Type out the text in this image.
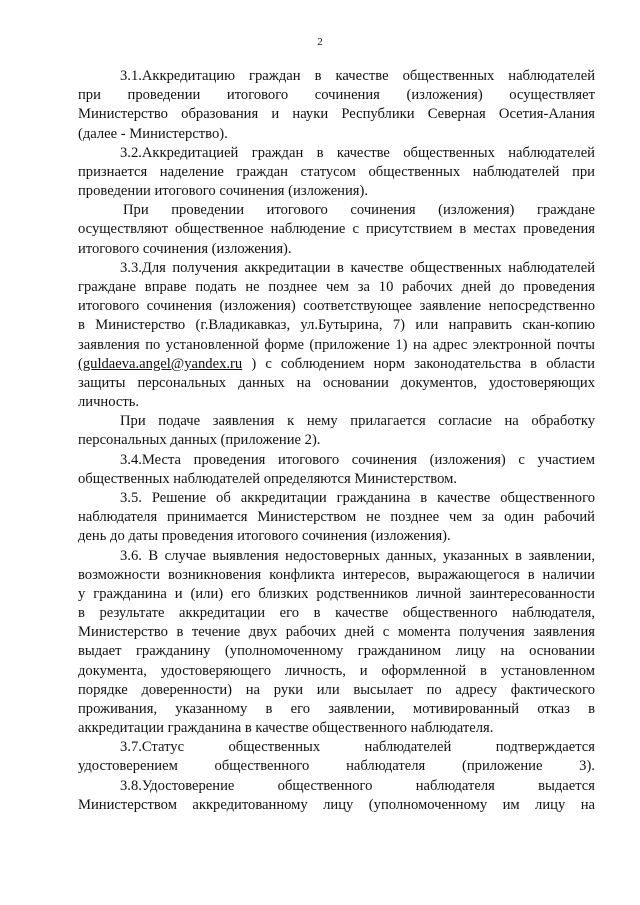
2
3.1.Аккредитацию граждан в качестве общественных наблюдателей
при проведении итогового сочинения (изложения) осуществляет
Министерство образования и науки Республики Северная Осетия-Алания
(далее - Министерство).
3.2.Аккредитацией граждан в качестве общественных наблюдателей
признается наделение граждан статусом общественных наблюдателей при
проведении итогового сочинения (изложения).
При проведении итогового сочинения (изложения) граждане
осуществляют общественное наблюдение с присутствием в местах проведения
итогового сочинения (изложения).
3.3.Для получения аккредитации в качестве общественных наблюдателей
граждане вправе подать не позднее чем за 10 рабочих дней до проведения
итогового сочинения (изложения) соответствующее заявление непосредственно
в Министерство (г.Владикавказ, ул.Бутырина, 7) или направить скан-копию
заявления по установленной форме (приложение 1) на адрес электронной почты
(guldaeva.angel@yandex.ru ) с соблюдением норм законодательства в области
защиты персональных данных на основании документов, удостоверяющих
личность.
При подаче заявления к нему прилагается согласие на обработку
персональных данных (приложение 2).
3.4.Места проведения итогового сочинения (изложения) с участием
общественных наблюдателей определяются Министерством.
3.5. Решение об аккредитации гражданина в качестве общественного
наблюдателя принимается Министерством не позднее чем за один рабочий
день до даты проведения итогового сочинения (изложения).
3.6. В случае выявления недостоверных данных, указанных в заявлении,
возможности возникновения конфликта интересов, выражающегося в наличии
у гражданина и (или) его близких родственников личной заинтересованности
в результате аккредитации его в качестве общественного наблюдателя,
Министерство в течение двух рабочих дней с момента получения заявления
выдает гражданину (уполномоченному гражданином лицу на основании
документа, удостоверяющего личность, и оформленной в установленном
порядке доверенности) на руки или высылает по адресу фактического
проживания, указанному в его заявлении, мотивированный отказ в
аккредитации гражданина в качестве общественного наблюдателя.
3.7.Статус общественных наблюдателей подтверждается
удостоверением общественного наблюдателя (приложение 3).
3.8.Удостоверение общественного наблюдателя выдается
Министерством аккредитованному лицу (уполномоченному им лицу на
